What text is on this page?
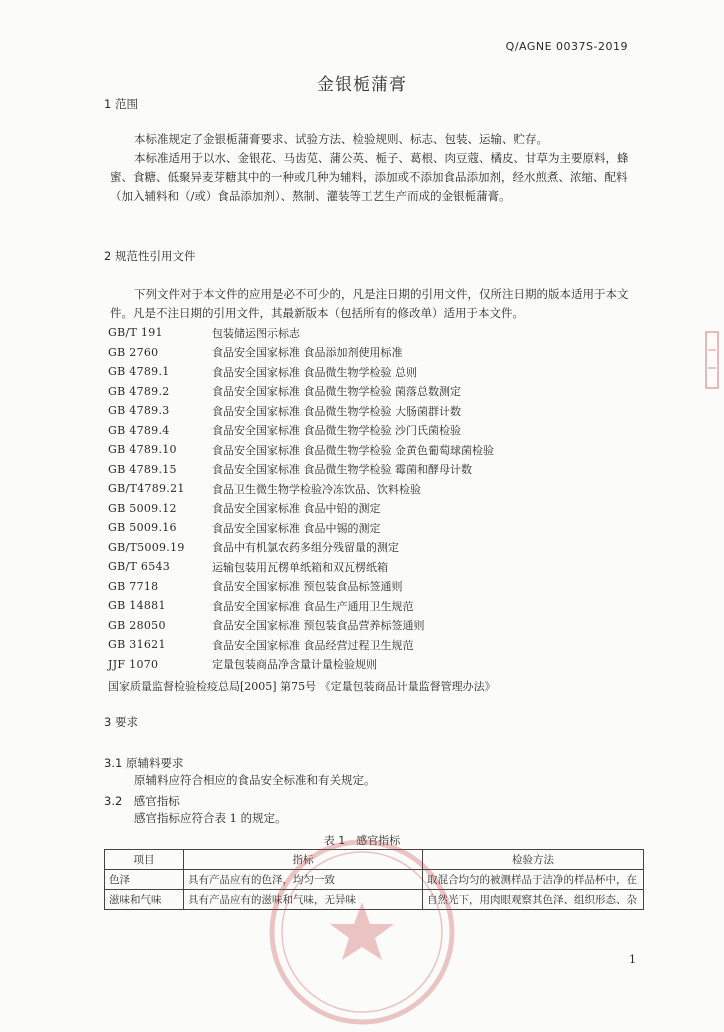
Q/AGNE 0037S-2019
金银栀蒲膏
1 范围

本标准规定了金银栀蒲膏要求、试验方法、检验规则、标志、包装、运输、贮存。

本标准适用于以水、金银花、马齿苋、蒲公英、栀子、葛根、肉豆蔻、橘皮、甘草为主要原料，蜂蜜、食糖、低聚异麦芽糖其中的一种或几种为辅料，添加或不添加食品添加剂，经水煎煮、浓缩、配料（加入辅料和（/或）食品添加剂）、熬制、灌装等工艺生产而成的金银栀蒲膏。

2 规范性引用文件

下列文件对于本文件的应用是必不可少的，凡是注日期的引用文件，仅所注日期的版本适用于本文件。凡是不注日期的引用文件，其最新版本（包括所有的修改单）适用于本文件。

GB/T 191	包装储运图示标志
GB 2760	食品安全国家标准 食品添加剂使用标准
GB 4789.1	食品安全国家标准 食品微生物学检验 总则
GB 4789.2	食品安全国家标准 食品微生物学检验 菌落总数测定
GB 4789.3	食品安全国家标准 食品微生物学检验 大肠菌群计数
GB 4789.4	食品安全国家标准 食品微生物学检验 沙门氏菌检验
GB 4789.10	食品安全国家标准 食品微生物学检验 金黄色葡萄球菌检验
GB 4789.15	食品安全国家标准 食品微生物学检验 霉菌和酵母计数
GB/T4789.21	食品卫生微生物学检验冷冻饮品、饮料检验
GB 5009.12	食品安全国家标准 食品中铅的测定
GB 5009.16	食品安全国家标准 食品中锡的测定
GB/T5009.19	食品中有机氯农药多组分残留量的测定
GB/T 6543	运输包装用瓦楞单纸箱和双瓦楞纸箱
GB 7718	食品安全国家标准 预包装食品标签通则
GB 14881	食品安全国家标准 食品生产通用卫生规范
GB 28050	食品安全国家标准 预包装食品营养标签通则
GB 31621	食品安全国家标准 食品经营过程卫生规范
JJF 1070	定量包装商品净含量计量检验规则
国家质量监督检验检疫总局[2005] 第75号 《定量包装商品计量监督管理办法》
3 要求
3.1 原辅料要求
原辅料应符合相应的食品安全标准和有关规定。
3.2　感官指标
感官指标应符合表 1 的规定。
表 1　感官指标
项目	指标	检验方法
色泽	具有产品应有的色泽，均匀一致	取混合均匀的被测样品于洁净的样品杯中，在
滋味和气味	具有产品应有的滋味和气味，无异味	自然光下，用肉眼观察其色泽、组织形态、杂
1
